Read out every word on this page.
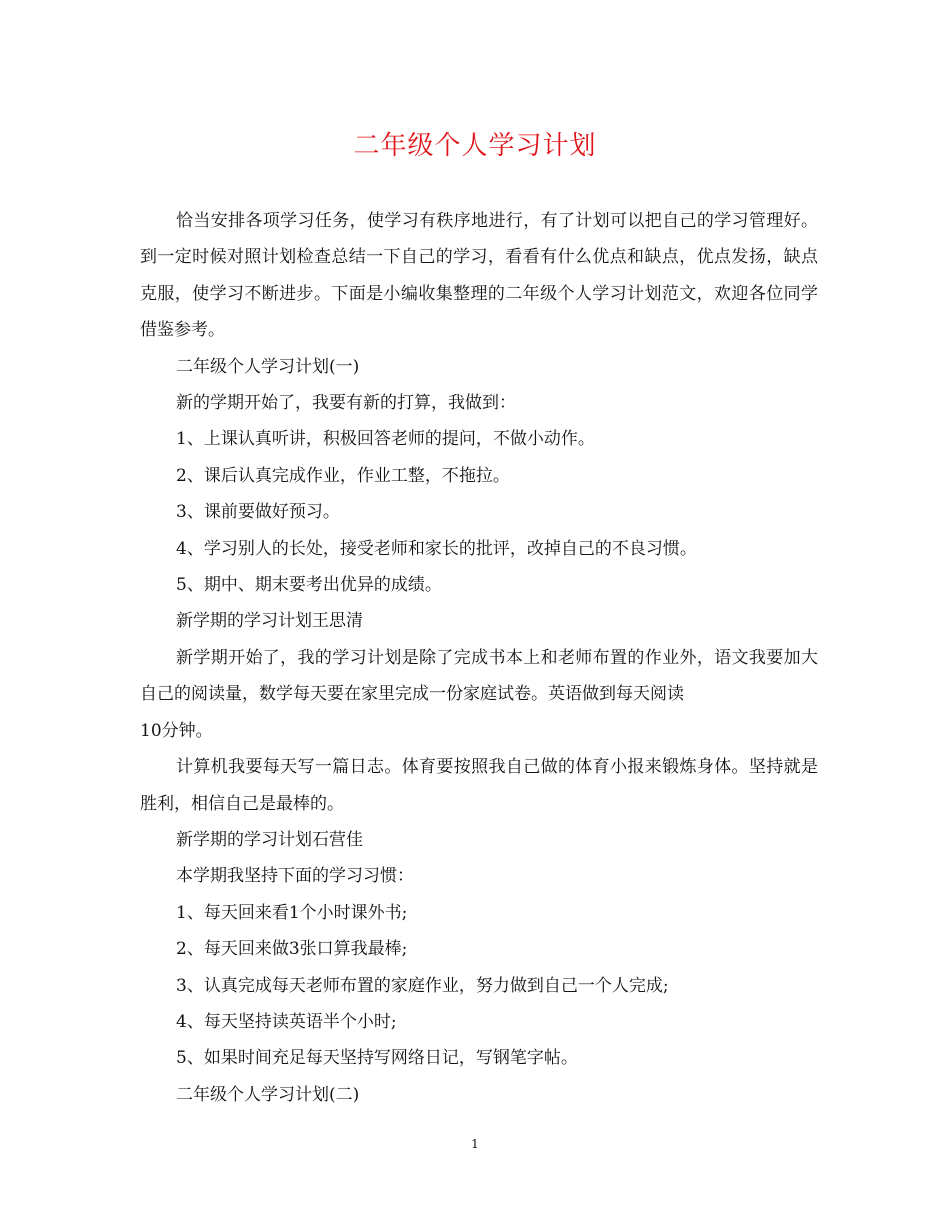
二年级个人学习计划

恰当安排各项学习任务，使学习有秩序地进行，有了计划可以把自己的学习管理好。到一定时候对照计划检查总结一下自己的学习，看看有什么优点和缺点，优点发扬，缺点克服，使学习不断进步。下面是小编收集整理的二年级个人学习计划范文，欢迎各位同学借鉴参考。

二年级个人学习计划(一)

新的学期开始了，我要有新的打算，我做到：

1、上课认真听讲，积极回答老师的提问，不做小动作。

2、课后认真完成作业，作业工整，不拖拉。

3、课前要做好预习。

4、学习别人的长处，接受老师和家长的批评，改掉自己的不良习惯。

5、期中、期末要考出优异的成绩。

新学期的学习计划王思清

新学期开始了，我的学习计划是除了完成书本上和老师布置的作业外，语文我要加大自己的阅读量，数学每天要在家里完成一份家庭试卷。英语做到每天阅读

10分钟。

计算机我要每天写一篇日志。体育要按照我自己做的体育小报来锻炼身体。坚持就是胜利，相信自己是最棒的。

新学期的学习计划石营佳

本学期我坚持下面的学习习惯：

1、每天回来看1个小时课外书;

2、每天回来做3张口算我最棒;

3、认真完成每天老师布置的家庭作业，努力做到自己一个人完成;

4、每天坚持读英语半个小时;

5、如果时间充足每天坚持写网络日记，写钢笔字帖。

二年级个人学习计划(二)

1
